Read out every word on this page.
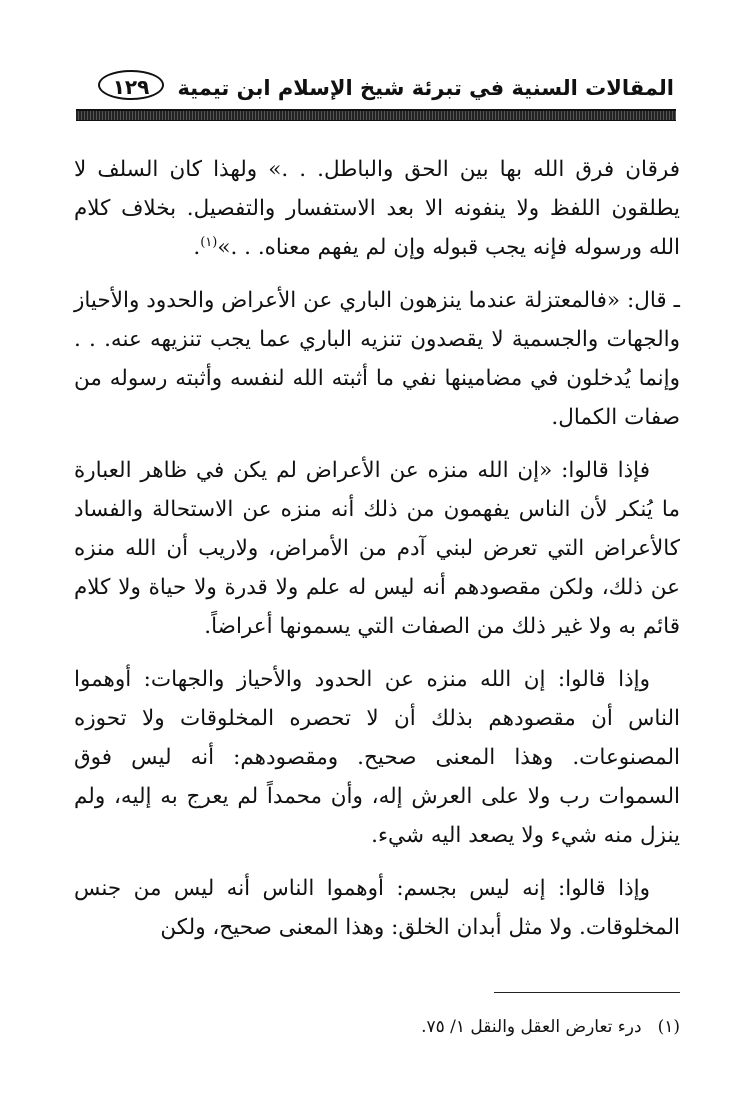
المقالات السنية في تبرئة شيخ الإسلام ابن تيمية
١٢٩

فرقان فرق الله بها بين الحق والباطل. . .» ولهذا كان السلف لا يطلقون اللفظ ولا ينفونه الا بعد الاستفسار والتفصيل. بخلاف كلام الله ورسوله فإنه يجب قبوله وإن لم يفهم معناه. . .»$^{(١)}$.

ـ قال: «فالمعتزلة عندما ينزهون الباري عن الأعراض والحدود والأحياز والجهات والجسمية لا يقصدون تنزيه الباري عما يجب تنزيهه عنه. . . وإنما يُدخلون في مضامينها نفي ما أثبته الله لنفسه وأثبته رسوله من صفات الكمال.

فإذا قالوا: «إن الله منزه عن الأعراض لم يكن في ظاهر العبارة ما يُنكر لأن الناس يفهمون من ذلك أنه منزه عن الاستحالة والفساد كالأعراض التي تعرض لبني آدم من الأمراض، ولاريب أن الله منزه عن ذلك، ولكن مقصودهم أنه ليس له علم ولا قدرة ولا حياة ولا كلام قائم به ولا غير ذلك من الصفات التي يسمونها أعراضاً.

وإذا قالوا: إن الله منزه عن الحدود والأحياز والجهات: أوهموا الناس أن مقصودهم بذلك أن لا تحصره المخلوقات ولا تحوزه المصنوعات. وهذا المعنى صحيح. ومقصودهم: أنه ليس فوق السموات رب ولا على العرش إله، وأن محمداً لم يعرج به إليه، ولم ينزل منه شيء ولا يصعد اليه شيء.

وإذا قالوا: إنه ليس بجسم: أوهموا الناس أنه ليس من جنس المخلوقات. ولا مثل أبدان الخلق: وهذا المعنى صحيح، ولكن

(١)درء تعارض العقل والنقل ١/ ٧٥.
